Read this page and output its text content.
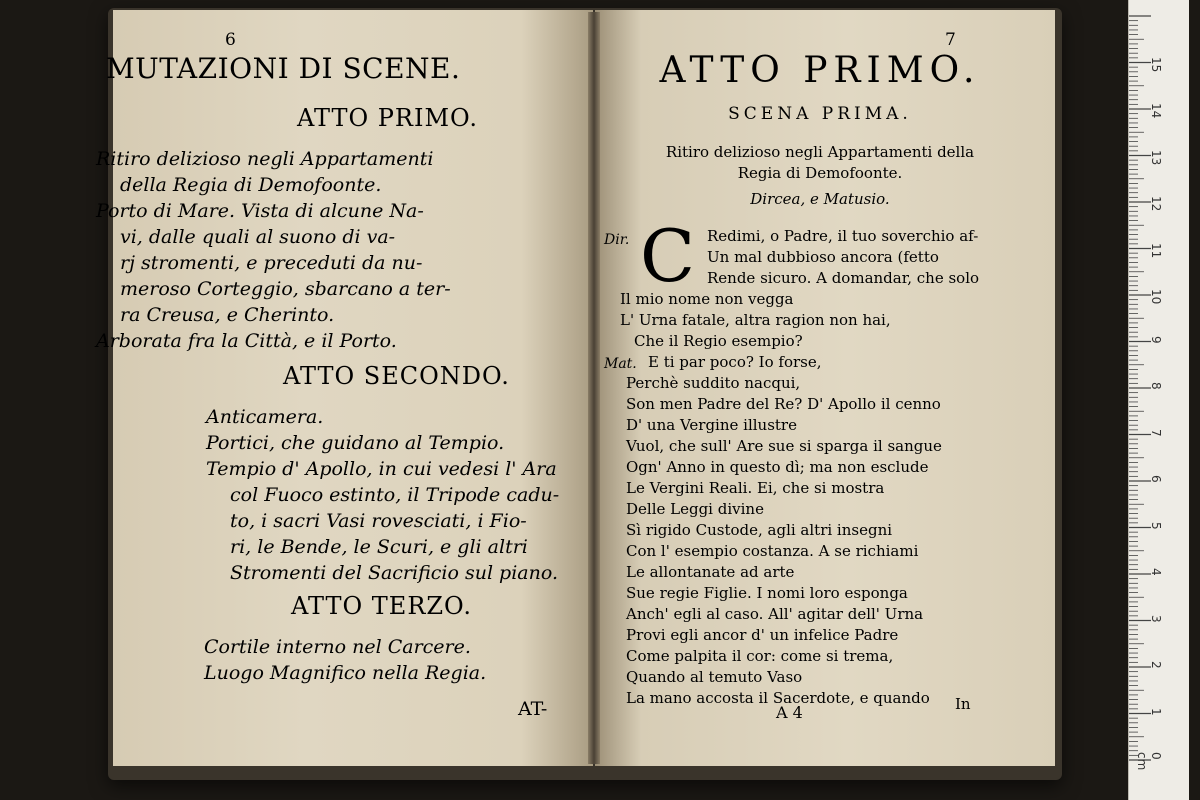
6
MUTAZIONI DI SCENE.
ATTO PRIMO.

Ritiro delizioso negli Appartamenti
della Regia di Demofoonte.

Porto di Mare. Vista di alcune Na-
vi, dalle quali al suono di va-
rj stromenti, e preceduti da nu-
meroso Corteggio, sbarcano a ter-
ra Creusa, e Cherinto.

Arborata fra la Città, e il Porto.

ATTO SECONDO.

Anticamera.

Portici, che guidano al Tempio.

Tempio d' Apollo, in cui vedesi l' Ara
col Fuoco estinto, il Tripode cadu-
to, i sacri Vasi rovesciati, i Fio-
ri, le Bende, le Scuri, e gli altri
Stromenti del Sacrificio sul piano.

ATTO TERZO.

Cortile interno nel Carcere.

Luogo Magnifico nella Regia.

AT-
7
ATTO PRIMO.
SCENA PRIMA.
Ritiro delizioso negli Appartamenti della
Regia di Demofoonte.
Dircea, e Matusio.
Dir. C
Mat.
Redimi, o Padre, il tuo soverchio af-
Un mal dubbioso ancora (fetto
Rende sicuro. A domandar, che solo
Il mio nome non vegga
L' Urna fatale, altra ragion non hai,
Che il Regio esempio?
E ti par poco? Io forse,
Perchè suddito nacqui,
Son men Padre del Re? D' Apollo il cenno
D' una Vergine illustre
Vuol, che sull' Are sue si sparga il sangue
Ogn' Anno in questo dì; ma non esclude
Le Vergini Reali. Ei, che si mostra
Delle Leggi divine
Sì rigido Custode, agli altri insegni
Con l' esempio costanza. A se richiami
Le allontanate ad arte
Sue regie Figlie. I nomi loro esponga
Anch' egli al caso. All' agitar dell' Urna
Provi egli ancor d' un infelice Padre
Come palpita il cor: come si trema,
Quando al temuto Vaso
La mano accosta il Sacerdote, e quando
A 4	In	1
2
3
4
5
6
7
8
9
10
11
12
13
14
15
0 cm
